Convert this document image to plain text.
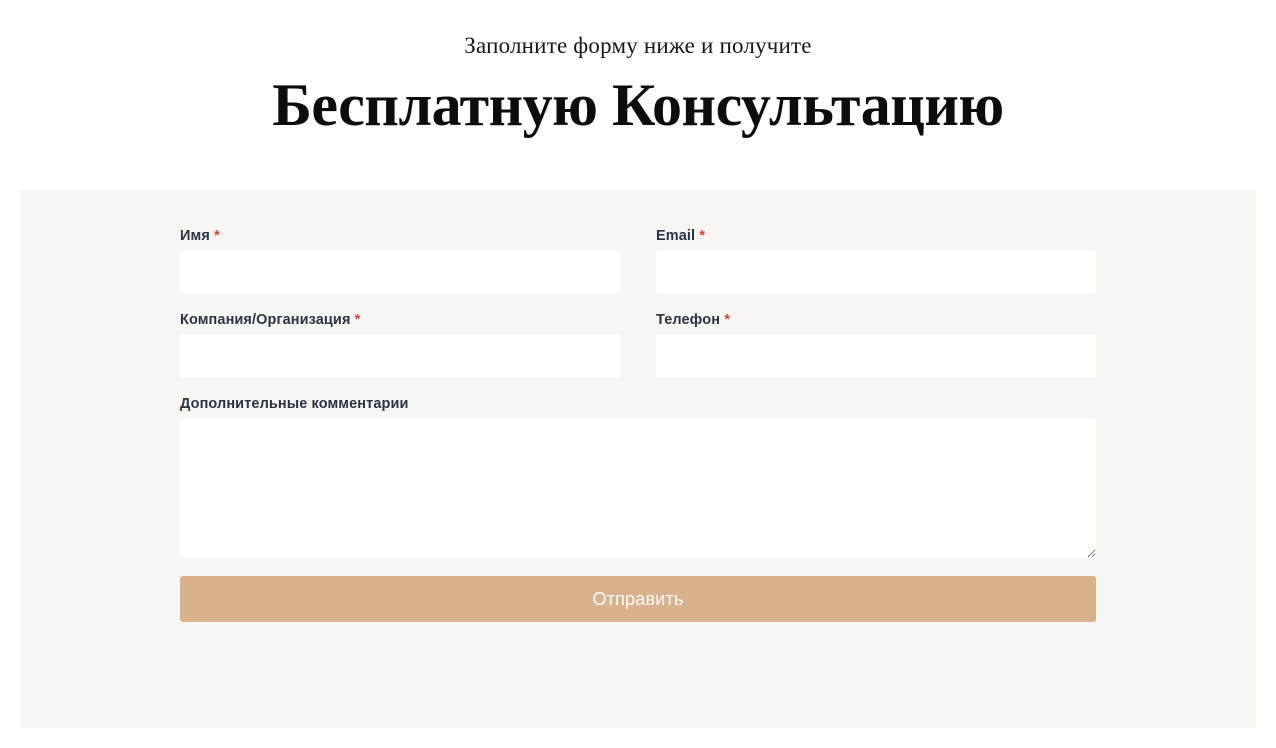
Заполните форму ниже и получите
Бесплатную Консультацию
Имя *	Email *
Компания/Организация *	Телефон *
Дополнительные комментарии
Отправить
